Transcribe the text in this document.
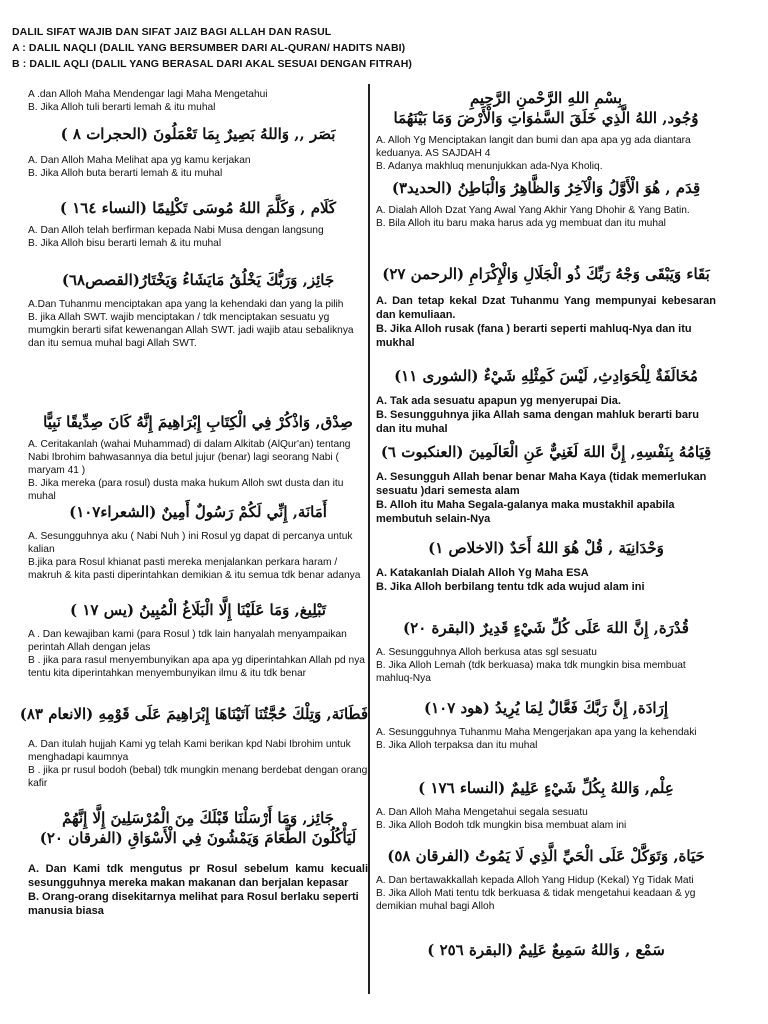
DALIL SIFAT WAJIB DAN SIFAT JAIZ BAGI ALLAH DAN RASUL
A : DALIL NAQLI (DALIL YANG BERSUMBER DARI AL-QURAN/ HADITS NABI)
B : DALIL AQLI (DALIL YANG BERASAL DARI AKAL SESUAI DENGAN FITRAH)
A .dan Alloh Maha Mendengar lagi Maha Mengetahui
B. Jika Alloh tuli berarti lemah & itu muhal
بَصَر ,, وَاللهُ بَصِيرٌ بِمَا تَعْمَلُونَ (الحجرات ٨ )
A. Dan Alloh Maha Melihat apa yg kamu kerjakan
B. Jika Alloh buta berarti lemah & itu muhal
كَلَام , وَكَلَّمَ اللهُ مُوسَى تَكْلِيمًا (النساء ١٦٤ )
A. Dan Alloh telah berfirman kepada Nabi Musa dengan langsung
B. Jika Alloh bisu berarti lemah & itu muhal
جَائِز, وَرَبُّكَ يَخْلُقُ مَايَشَاءُ وَيَخْتَارُ(القصص٦٨)
A.Dan Tuhanmu menciptakan apa yang la kehendaki dan yang la pilih
B. jika Allah SWT. wajib menciptakan / tdk menciptakan sesuatu yg mumgkin berarti sifat kewenangan Allah SWT. jadi wajib atau sebaliknya dan itu semua muhal bagi Allah SWT.
صِدْق, وَاذْكُرْ فِي الْكِتَابِ إِبْرَاهِيمَ إِنَّهُ كَانَ صِدِّيقًا نَبِيًّا
A. Ceritakanlah (wahai Muhammad) di dalam Alkitab (AlQur'an) tentang Nabi Ibrohim bahwasannya dia betul jujur (benar) lagi seorang Nabi ( maryam 41 )
B. Jika mereka (para rosul) dusta maka hukum Alloh swt dusta dan itu muhal
أَمَانَة, إِنِّي لَكُمْ رَسُولٌ أَمِينٌ (الشعراء١٠٧)
A. Sesungguhnya aku ( Nabi Nuh ) ini Rosul yg dapat di percanya untuk kalian
B.jika para Rosul khianat pasti mereka menjalankan perkara haram / makruh & kita pasti diperintahkan demikian & itu semua tdk benar adanya
تَبْلِيغ, وَمَا عَلَيْنَا إِلَّا الْبَلَاغُ الْمُبِينُ (يس ١٧ )
A . Dan kewajiban kami (para Rosul ) tdk lain hanyalah menyampaikan perintah Allah dengan jelas
B . jika para rasul menyembunyikan apa apa yg diperintahkan Allah pd nya tentu kita diperintahkan menyembunyikan ilmu & itu tdk benar
فَطَانَة, وَتِلْكَ حُجَّتُنَا آتَيْنَاهَا إِبْرَاهِيمَ عَلَى قَوْمِهِ (الانعام ٨٣)
A. Dan itulah hujjah Kami yg telah Kami berikan kpd Nabi Ibrohim untuk menghadapi kaumnya
B . jika pr rusul bodoh (bebal) tdk mungkin menang berdebat dengan orang kafir
جَائِز, وَمَا أَرْسَلْنَا قَبْلَكَ مِنَ الْمُرْسَلِينَ إِلَّا إِنَّهُمْ
لَيَأْكُلُونَ الطَّعَامَ وَيَمْشُونَ فِي الْأَسْوَاقِ (الفرقان ٢٠)
A. Dan Kami tdk mengutus pr Rosul sebelum kamu kecuali sesungguhnya mereka makan makanan dan berjalan kepasar
B. Orang-orang disekitarnya melihat para Rosul berlaku seperti manusia biasa
بِسْمِ اللهِ الرَّحْمنِ الرَّحِيمِ
وُجُود, اللهُ الَّذِي خَلَقَ السَّمٰوَاتِ وَالْأَرْضَ وَمَا بَيْنَهُمَا
A. Alloh Yg Menciptakan langit dan bumi dan apa apa yg ada diantara keduanya. AS SAJDAH 4
B. Adanya makhluq menunjukkan ada-Nya Kholiq.
قِدَم , هُوَ الْأَوَّلُ وَالْآخِرُ وَالظَّاهِرُ وَالْبَاطِنُ (الحديد٣)
A. Dialah Alloh Dzat Yang Awal Yang Akhir Yang Dhohir & Yang Batin.
B. Bila Alloh itu baru maka harus ada yg membuat dan itu muhal
بَقَاء وَيَبْقَى وَجْهُ رَبِّكَ ذُو الْجَلَالِ وَالْإِكْرَامِ (الرحمن ٢٧)
A. Dan tetap kekal Dzat Tuhanmu Yang mempunyai kebesaran dan kemuliaan.
B. Jika Alloh rusak (fana ) berarti seperti mahluq-Nya dan itu mukhal
مُخَالَفَةٌ لِلْحَوَادِثِ, لَيْسَ كَمِثْلِهِ شَيْءٌ (الشورى ١١)
A. Tak ada sesuatu apapun yg menyerupai Dia.
B. Sesungguhnya jika Allah sama dengan mahluk berarti baru dan itu muhal
قِيَامُهُ بِنَفْسِهِ, إِنَّ اللهَ لَغَنِيٌّ عَنِ الْعَالَمِينَ (العنكبوت ٦)
A. Sesungguh Allah benar benar Maha Kaya (tidak memerlukan sesuatu )dari semesta alam
B. Alloh itu Maha Segala-galanya maka mustakhil apabila membutuh selain-Nya
وَحْدَانِيَة , قُلْ هُوَ اللهُ أَحَدٌ (الاخلاص ١)
A. Katakanlah Dialah Alloh Yg Maha ESA
B. Jika Alloh berbilang tentu tdk ada wujud alam ini
قُدْرَة, إِنَّ اللهَ عَلَى كُلِّ شَيْءٍ قَدِيرٌ (البقرة ٢٠)
A. Sesungguhnya Alloh berkusa atas sgl sesuatu
B. Jika Alloh Lemah (tdk berkuasa) maka tdk mungkin bisa membuat mahluq-Nya
إِرَادَة, إِنَّ رَبَّكَ فَعَّالٌ لِمَا يُرِيدُ (هود ١٠٧)
A. Sesungguhnya Tuhanmu Maha Mengerjakan apa yang la kehendaki
B. Jika Alloh terpaksa dan itu muhal
عِلْم, وَاللهُ بِكُلِّ شَيْءٍ عَلِيمٌ (النساء ١٧٦ )
A. Dan Alloh Maha Mengetahui segala sesuatu
B. Jika Alloh Bodoh tdk mungkin bisa membuat alam ini
حَيَاة, وَتَوَكَّلْ عَلَى الْحَيِّ الَّذِي لَا يَمُوتُ (الفرقان ٥٨)
A. Dan bertawakkallah kepada Alloh Yang Hidup (Kekal) Yg Tidak Mati
B. Jika Alloh Mati tentu tdk berkuasa & tidak mengetahui keadaan & yg demikian muhal bagi Alloh
سَمْع , وَاللهُ سَمِيعٌ عَلِيمٌ (البقرة ٢٥٦ )
